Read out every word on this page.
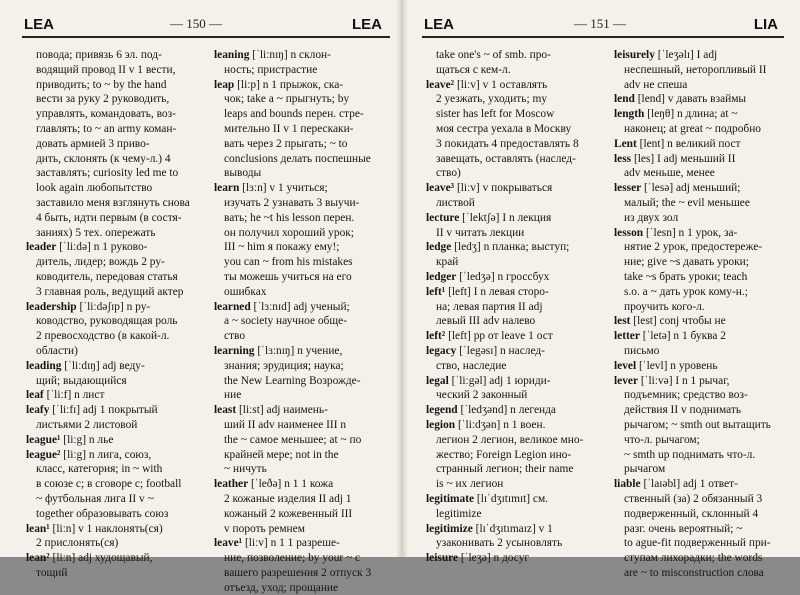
LEA	— 150 —	LEA
повода; привязь 6 эл. под-
водящий провод II v 1 вести,
приводить; to ~ by the hand
вести за руку 2 руководить,
управлять, командовать, воз-
главлять; to ~ an army коман-
довать армией 3 приво-
дить, склонять (к чему-л.) 4
заставлять; curiosity led me to
look again любопытство
заставило меня взглянуть снова
4 быть, идти первым (в состя-
заниях) 5 тех. опережать
leader [ˈliːdə] n 1 руково-
дитель, лидер; вождь 2 ру-
ководитель, передовая статья
3 главная роль, ведущий актер
leadership [ˈliːdəʃɪp] n ру-
ководство, руководящая роль
2 превосходство (в какой-л.
области)
leading [ˈliːdɪŋ] adj веду-
щий; выдающийся
leaf [ˈliːf] n лист
leafy [ˈliːfɪ] adj 1 покрытый
листьями 2 листовой
league¹ [liːg] n лье
league² [liːg] n лига, союз,
класс, категория; in ~ with
в союзе с; в сговоре с; football
~ футбольная лига II v ~
together образовывать союз
lean¹ [liːn] v 1 наклонять(ся)
2 прислонять(ся)
lean² [liːn] adj худощавый,
тощий
leaning [ˈliːnɪŋ] n склон-
ность; пристрастие
leap [liːp] n 1 прыжок, ска-
чок; take a ~ прыгнуть; by
leaps and bounds перен. стре-
мительно II v 1 перескаки-
вать через 2 прыгать; ~ to
conclusions делать поспешные
выводы
learn [lɜːn] v 1 учиться;
изучать 2 узнавать 3 выучи-
вать; he ~t his lesson перен.
он получил хороший урок;
III ~ him я покажу ему!;
you can ~ from his mistakes
ты можешь учиться на его
ошибках
learned [ˈlɜːnɪd] adj ученый;
a ~ society научное обще-
ство
learning [ˈlɜːnɪŋ] n учение,
знания; эрудиция; наука;
the New Learning Возрожде-
ние
least [liːst] adj наимень-
ший II adv наименее III n
the ~ самое меньшее; at ~ по
крайней мере; not in the
~ ничуть
leather [ˈleðə] n 1 1 кожа
2 кожаные изделия II adj 1
кожаный 2 кожевенный III
v пороть ремнем
leave¹ [liːv] n 1 1 разреше-
ние, позволение; by your ~ с
вашего разрешения 2 отпуск 3
отъезд, уход; прощание
LEA	— 151 —	LIA
take one's ~ of smb. про-
щаться с кем-л.
leave² [liːv] v 1 оставлять
2 уезжать, уходить; my
sister has left for Moscow
моя сестра уехала в Москву
3 покидать 4 предоставлять 8
завещать, оставлять (наслед-
ство)
leave³ [liːv] v покрываться
листвой
lecture [ˈlektʃə] I n лекция
II v читать лекции
ledge [ledʒ] n планка; выступ;
край
ledger [ˈledʒə] n гроссбух
left¹ [left] I n левая сторо-
на; левая партия II adj
левый III adv налево
left² [left] pp от leave 1 ост
legacy [ˈlegəsɪ] n наслед-
ство, наследие
legal [ˈliːgəl] adj 1 юриди-
ческий 2 законный
legend [ˈledʒənd] n легенда
legion [ˈliːdʒən] n 1 воен.
легион 2 легион, великое мно-
жество; Foreign Legion ино-
странный легион; their name
is ~ их легион
legitimate [lɪˈdʒɪtɪmɪt] см.
legitimize
legitimize [lɪˈdʒɪtɪmaɪz] v 1
узаконивать 2 усыновлять
leisure [ˈleʒə] n досуг
leisurely [ˈleʒəlɪ] I adj
неспешный, неторопливый II
adv не спеша
lend [lend] v давать взаймы
length [leŋθ] n длина; at ~
наконец; at great ~ подробно
Lent [lent] n великий пост
less [les] I adj меньший II
adv меньше, менее
lesser [ˈlesə] adj меньший;
малый; the ~ evil меньшее
из двух зол
lesson [ˈlesn] n 1 урок, за-
нятие 2 урок, предостереже-
ние; give ~s давать уроки;
take ~s брать уроки; teach
s.o. a ~ дать урок кому-н.;
проучить кого-л.
lest [lest] conj чтобы не
letter [ˈletə] n 1 буква 2
письмо
level [ˈlevl] n уровень
lever [ˈliːvə] I n 1 рычаг,
подъемник; средство воз-
действия II v поднимать
рычагом; ~ smth out вытащить
что-л. рычагом;
~ smth up поднимать что-л.
рычагом
liable [ˈlaɪəbl] adj 1 ответ-
ственный (за) 2 обязанный 3
подверженный, склонный 4
разг. очень вероятный; ~
to ague-fit подверженный при-
ступам лихорадки; the words
are ~ to misconstruction слова
